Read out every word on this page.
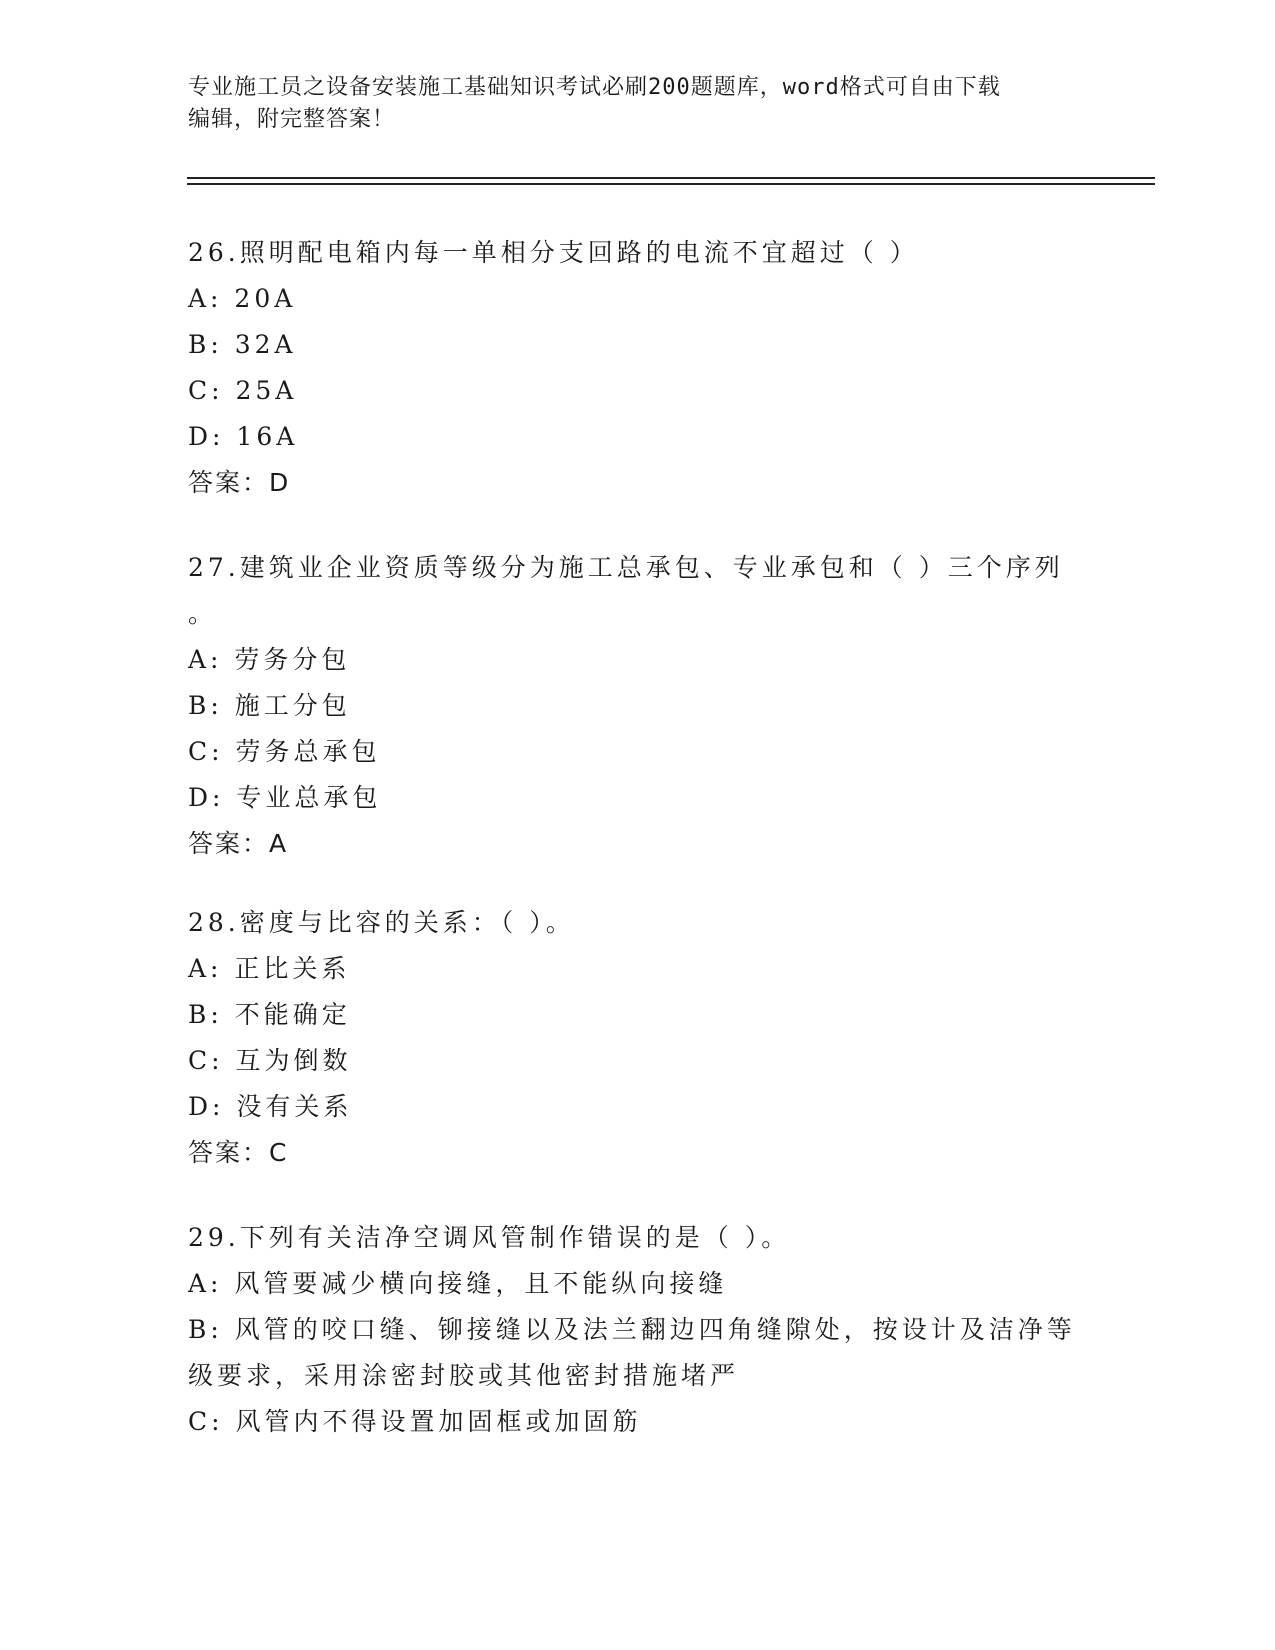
专业施工员之设备安装施工基础知识考试必刷200题题库，word格式可自由下载
编辑，附完整答案！
26.照明配电箱内每一单相分支回路的电流不宜超过（ ）
A: 20A
B: 32A
C: 25A
D: 16A
答案：D
27.建筑业企业资质等级分为施工总承包、专业承包和（ ）三个序列
。
A: 劳务分包
B: 施工分包
C: 劳务总承包
D: 专业总承包
答案：A
28.密度与比容的关系：（ ）。
A: 正比关系
B: 不能确定
C: 互为倒数
D: 没有关系
答案：C
29.下列有关洁净空调风管制作错误的是（ ）。
A: 风管要减少横向接缝，且不能纵向接缝
B: 风管的咬口缝、铆接缝以及法兰翻边四角缝隙处，按设计及洁净等
级要求，采用涂密封胶或其他密封措施堵严
C: 风管内不得设置加固框或加固筋
